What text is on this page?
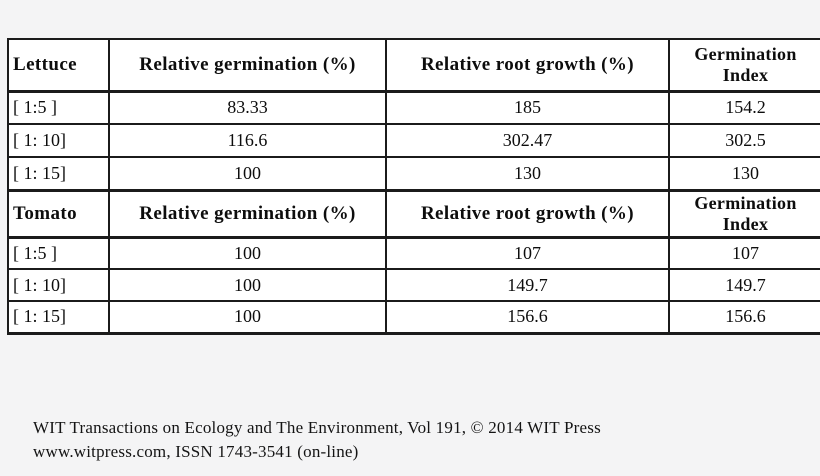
Lettuce	Relative germination (%)	Relative root growth (%)	Germination
Index
[ 1:5 ]	83.33	185	154.2
[ 1: 10]	116.6	302.47	302.5
[ 1: 15]	100	130	130
Tomato	Relative germination (%)	Relative root growth (%)	Germination
Index
[ 1:5 ]	100	107	107
[ 1: 10]	100	149.7	149.7
[ 1: 15]	100	156.6	156.6
WIT Transactions on Ecology and The Environment, Vol 191, © 2014 WIT Press
www.witpress.com, ISSN 1743-3541 (on-line)
